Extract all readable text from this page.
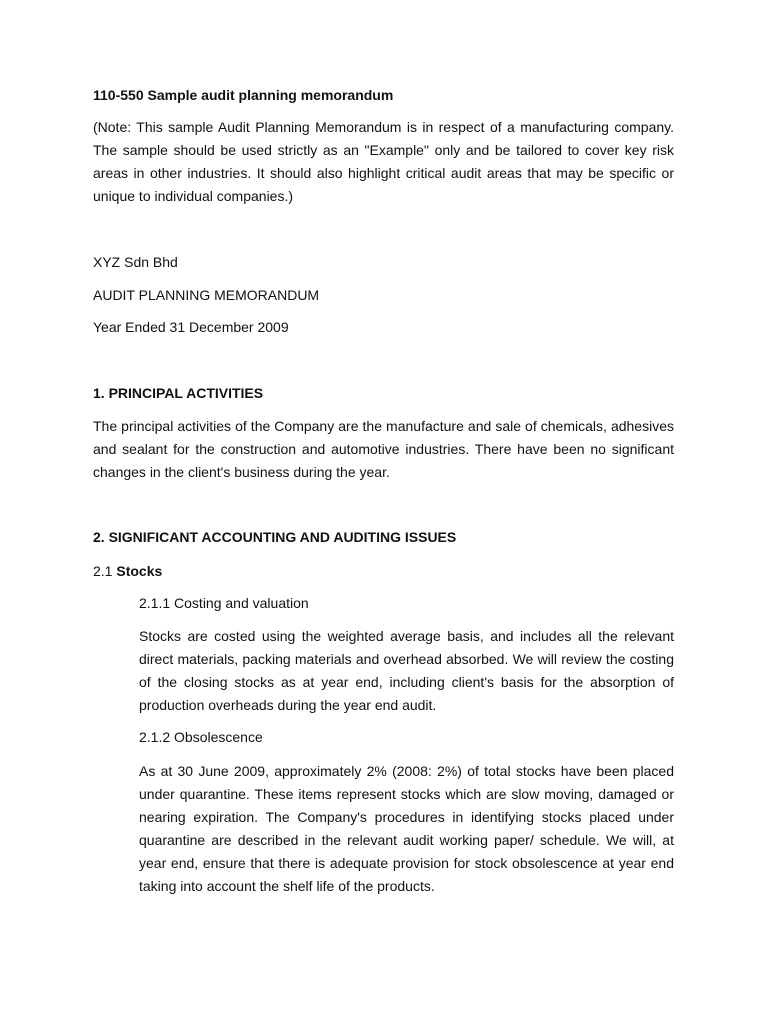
110-550 Sample audit planning memorandum

(Note: This sample Audit Planning Memorandum is in respect of a manufacturing company. The sample should be used strictly as an "Example" only and be tailored to cover key risk areas in other industries. It should also highlight critical audit areas that may be specific or unique to individual companies.)

XYZ Sdn Bhd

AUDIT PLANNING MEMORANDUM

Year Ended 31 December 2009

1. PRINCIPAL ACTIVITIES

The principal activities of the Company are the manufacture and sale of chemicals, adhesives and sealant for the construction and automotive industries. There have been no significant changes in the client's business during the year.

2. SIGNIFICANT ACCOUNTING AND AUDITING ISSUES

2.1 Stocks

2.1.1 Costing and valuation

Stocks are costed using the weighted average basis, and includes all the relevant direct materials, packing materials and overhead absorbed. We will review the costing of the closing stocks as at year end, including client's basis for the absorption of production overheads during the year end audit.

2.1.2 Obsolescence

As at 30 June 2009, approximately 2% (2008: 2%) of total stocks have been placed under quarantine. These items represent stocks which are slow moving, damaged or nearing expiration. The Company's procedures in identifying stocks placed under quarantine are described in the relevant audit working paper/ schedule. We will, at year end, ensure that there is adequate provision for stock obsolescence at year end taking into account the shelf life of the products.
